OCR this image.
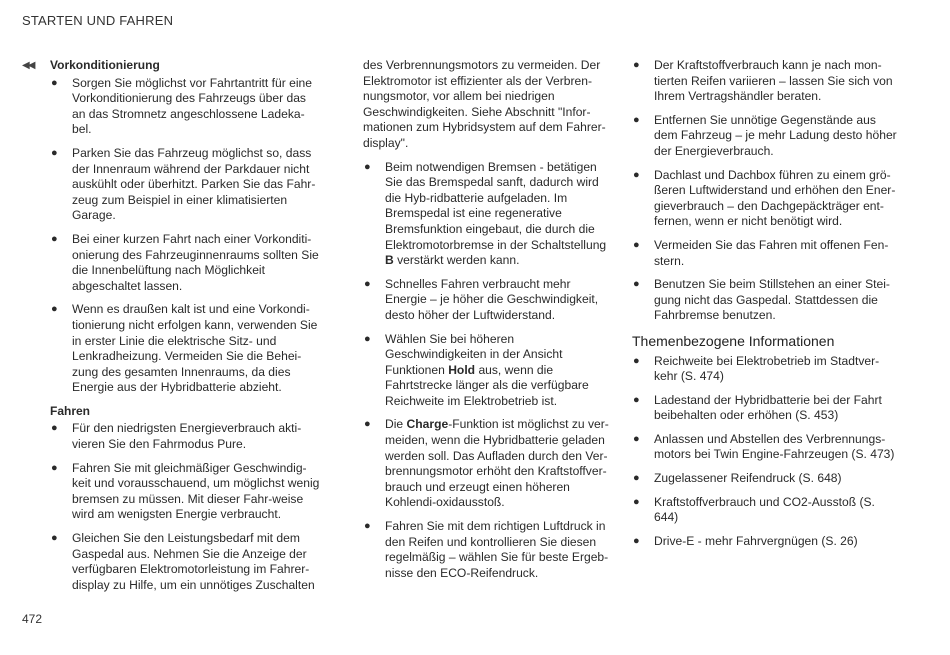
STARTEN UND FAHREN
◀◀ Vorkonditionierung
● Sorgen Sie möglichst vor Fahrtantritt für eine Vorkonditionierung des Fahrzeugs über das an das Stromnetz angeschlossene Ladeka-bel.
● Parken Sie das Fahrzeug möglichst so, dass der Innenraum während der Parkdauer nicht auskühlt oder überhitzt. Parken Sie das Fahr-zeug zum Beispiel in einer klimatisierten Garage.
● Bei einer kurzen Fahrt nach einer Vorkonditi-onierung des Fahrzeuginnenraums sollten Sie die Innenbelüftung nach Möglichkeit abgeschaltet lassen.
● Wenn es draußen kalt ist und eine Vorkondi-tionierung nicht erfolgen kann, verwenden Sie in erster Linie die elektrische Sitz- und Lenkradheizung. Vermeiden Sie die Behei-zung des gesamten Innenraums, da dies Energie aus der Hybridbatterie abzieht.
Fahren
● Für den niedrigsten Energieverbrauch akti-vieren Sie den Fahrmodus Pure.
● Fahren Sie mit gleichmäßiger Geschwindig-keit und vorausschauend, um möglichst wenig bremsen zu müssen. Mit dieser Fahr-weise wird am wenigsten Energie verbraucht.
● Gleichen Sie den Leistungsbedarf mit dem Gaspedal aus. Nehmen Sie die Anzeige der verfügbaren Elektromotorleistung im Fahrer-display zu Hilfe, um ein unnötiges Zuschalten

des Verbrennungsmotors zu vermeiden. Der Elektromotor ist effizienter als der Verbren-nungsmotor, vor allem bei niedrigen Geschwindigkeiten. Siehe Abschnitt "Infor-mationen zum Hybridsystem auf dem Fahrer-display".

● Beim notwendigen Bremsen - betätigen Sie das Bremspedal sanft, dadurch wird die Hyb-ridbatterie aufgeladen. Im Bremspedal ist eine regenerative Bremsfunktion eingebaut, die durch die Elektromotorbremse in der Schaltstellung B verstärkt werden kann.
● Schnelles Fahren verbraucht mehr Energie – je höher die Geschwindigkeit, desto höher der Luftwiderstand.
● Wählen Sie bei höheren Geschwindigkeiten in der Ansicht Funktionen Hold aus, wenn die Fahrtstrecke länger als die verfügbare Reichweite im Elektrobetrieb ist.
● Die Charge-Funktion ist möglichst zu ver-meiden, wenn die Hybridbatterie geladen werden soll. Das Aufladen durch den Ver-brennungsmotor erhöht den Kraftstoffver-brauch und erzeugt einen höheren Kohlendi-oxidausstoß.
● Fahren Sie mit dem richtigen Luftdruck in den Reifen und kontrollieren Sie diesen regelmäßig – wählen Sie für beste Ergeb-nisse den ECO-Reifendruck.
● Der Kraftstoffverbrauch kann je nach mon-tierten Reifen variieren – lassen Sie sich von Ihrem Vertragshändler beraten.
● Entfernen Sie unnötige Gegenstände aus dem Fahrzeug – je mehr Ladung desto höher der Energieverbrauch.
● Dachlast und Dachbox führen zu einem grö-ßeren Luftwiderstand und erhöhen den Ener-gieverbrauch – den Dachgepäckträger ent-fernen, wenn er nicht benötigt wird.
● Vermeiden Sie das Fahren mit offenen Fen-stern.
● Benutzen Sie beim Stillstehen an einer Stei-gung nicht das Gaspedal. Stattdessen die Fahrbremse benutzen.
Themenbezogene Informationen
● Reichweite bei Elektrobetrieb im Stadtver-kehr (S. 474)
● Ladestand der Hybridbatterie bei der Fahrt beibehalten oder erhöhen (S. 453)
● Anlassen und Abstellen des Verbrennungs-motors bei Twin Engine-Fahrzeugen (S. 473)
● Zugelassener Reifendruck (S. 648)
● Kraftstoffverbrauch und CO2-Ausstoß (S. 644)
● Drive-E - mehr Fahrvergnügen (S. 26)
472
